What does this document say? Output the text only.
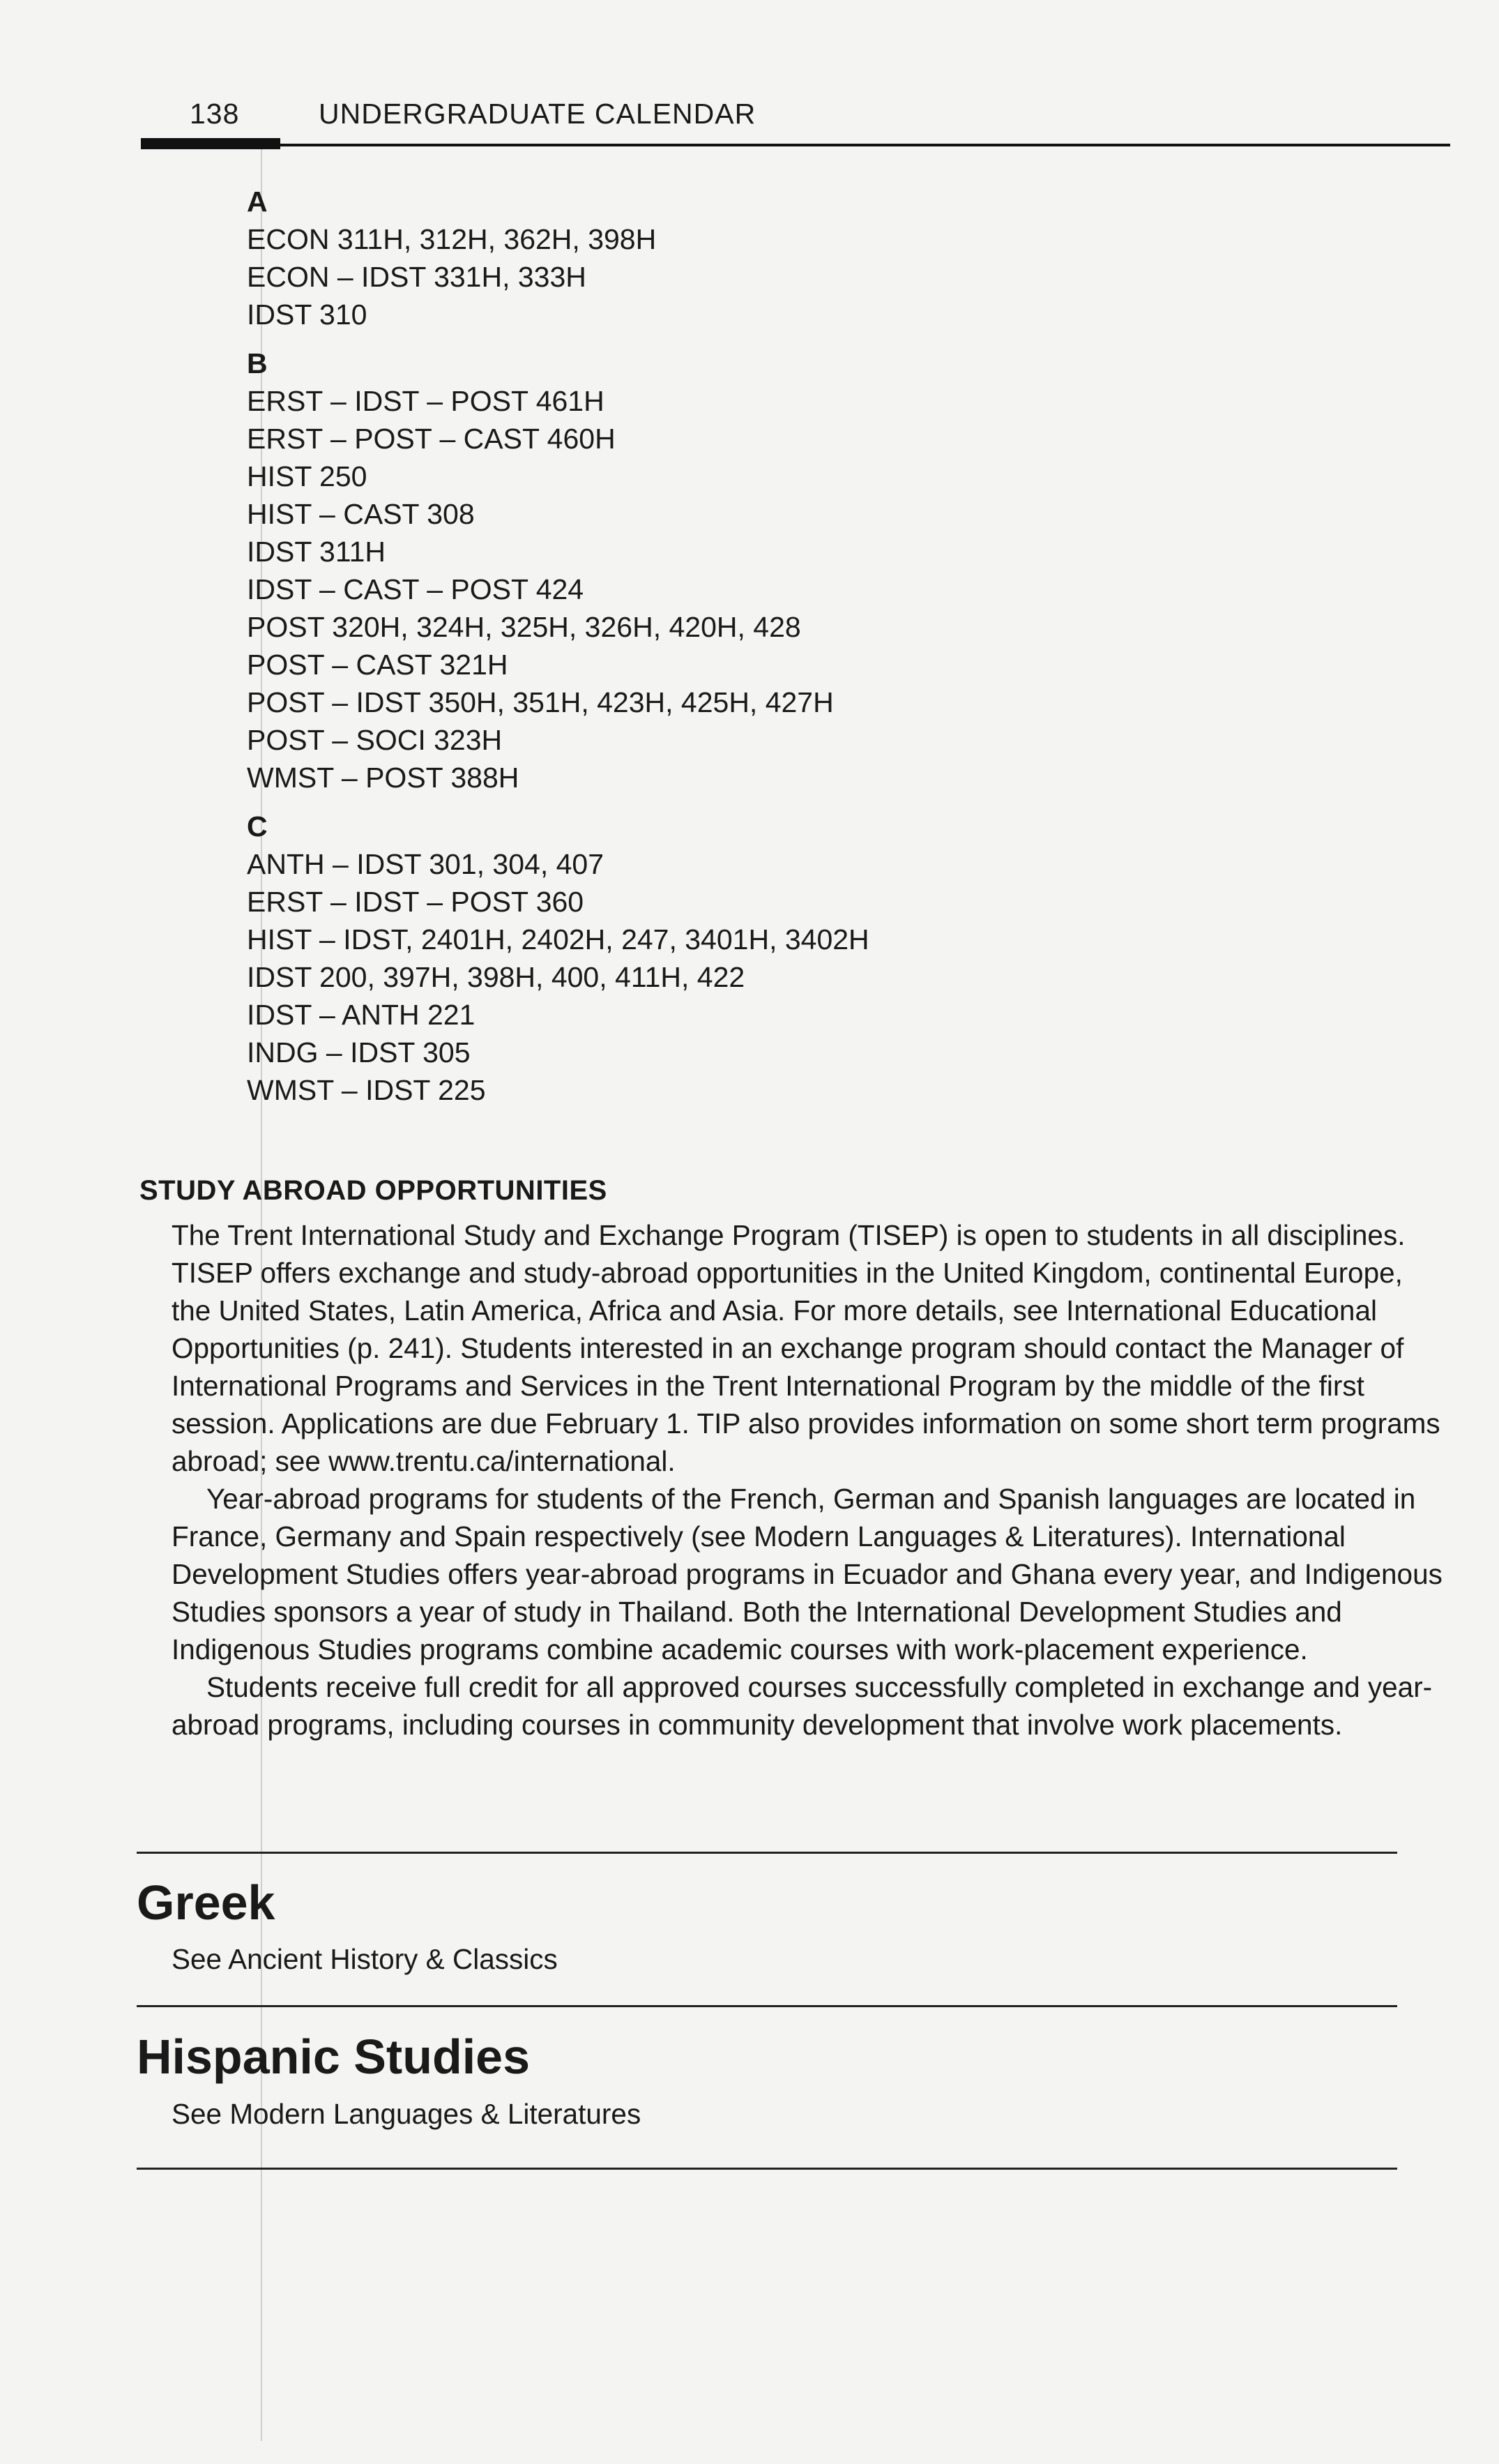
138	UNDERGRADUATE CALENDAR

A

ECON 311H, 312H, 362H, 398H

ECON – IDST 331H, 333H

IDST 310

B

ERST – IDST – POST 461H

ERST – POST – CAST 460H

HIST 250

HIST – CAST 308

IDST 311H

IDST – CAST – POST 424

POST 320H, 324H, 325H, 326H, 420H, 428

POST – CAST 321H

POST – IDST 350H, 351H, 423H, 425H, 427H

POST – SOCI 323H

WMST – POST 388H

C

ANTH – IDST 301, 304, 407

ERST – IDST – POST 360

HIST – IDST, 2401H, 2402H, 247, 3401H, 3402H

IDST 200, 397H, 398H, 400, 411H, 422

IDST – ANTH 221

INDG – IDST 305

WMST – IDST 225

STUDY ABROAD OPPORTUNITIES

The Trent International Study and Exchange Program (TISEP) is open to students in all disciplines. TISEP offers exchange and study-abroad opportunities in the United Kingdom, continental Europe, the United States, Latin America, Africa and Asia. For more details, see International Educational Opportunities (p. 241). Students interested in an exchange program should contact the Manager of International Programs and Services in the Trent International Program by the middle of the first session. Applications are due February 1. TIP also provides information on some short term programs abroad; see www.trentu.ca/international.

Year-abroad programs for students of the French, German and Spanish languages are located in France, Germany and Spain respectively (see Modern Languages & Literatures). International Development Studies offers year-abroad programs in Ecuador and Ghana every year, and Indigenous Studies sponsors a year of study in Thailand. Both the International Development Studies and Indigenous Studies programs combine academic courses with work-placement experience.

Students receive full credit for all approved courses successfully completed in exchange and year-abroad programs, including courses in community development that involve work placements.

Greek
See Ancient History & Classics
Hispanic Studies
See Modern Languages & Literatures
